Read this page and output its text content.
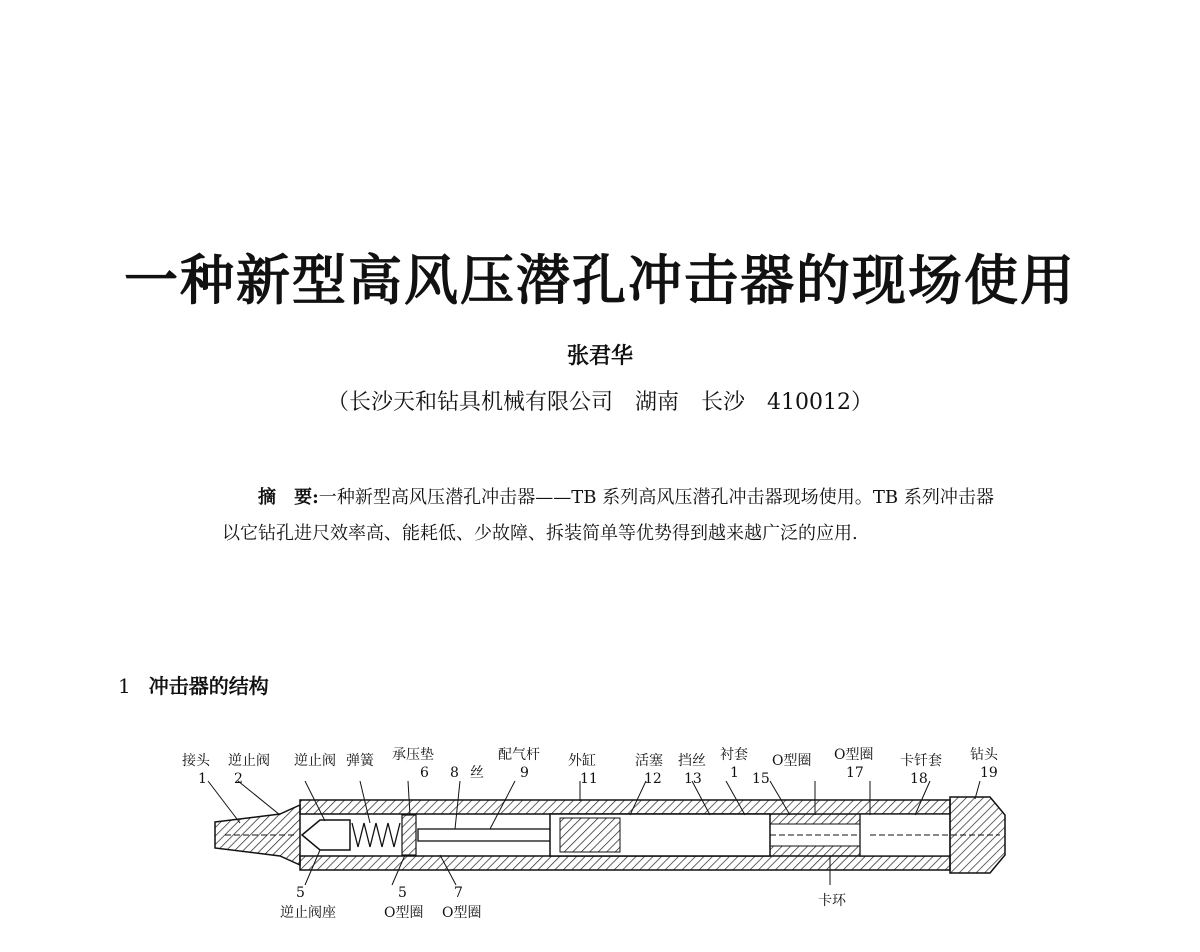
一种新型高风压潜孔冲击器的现场使用
张君华
（长沙天和钻具机械有限公司　湖南　长沙　410012）
摘　要:一种新型高风压潜孔冲击器——TB 系列高风压潜孔冲击器现场使用。TB 系列冲击器以它钻孔进尺效率高、能耗低、少故障、拆装简单等优势得到越来越广泛的应用.
1 冲击器的结构
接头
1
逆止阀
2
逆止阀 弹簧 承压垫
6 8 丝
配气杆
9
外缸
11
活塞
12
挡丝
13
衬套
1 15
O型圈 O型圈
17
卡钎套
18
钻头
19
5
逆止阀座
5
O型圈
7
O型圈
卡环
